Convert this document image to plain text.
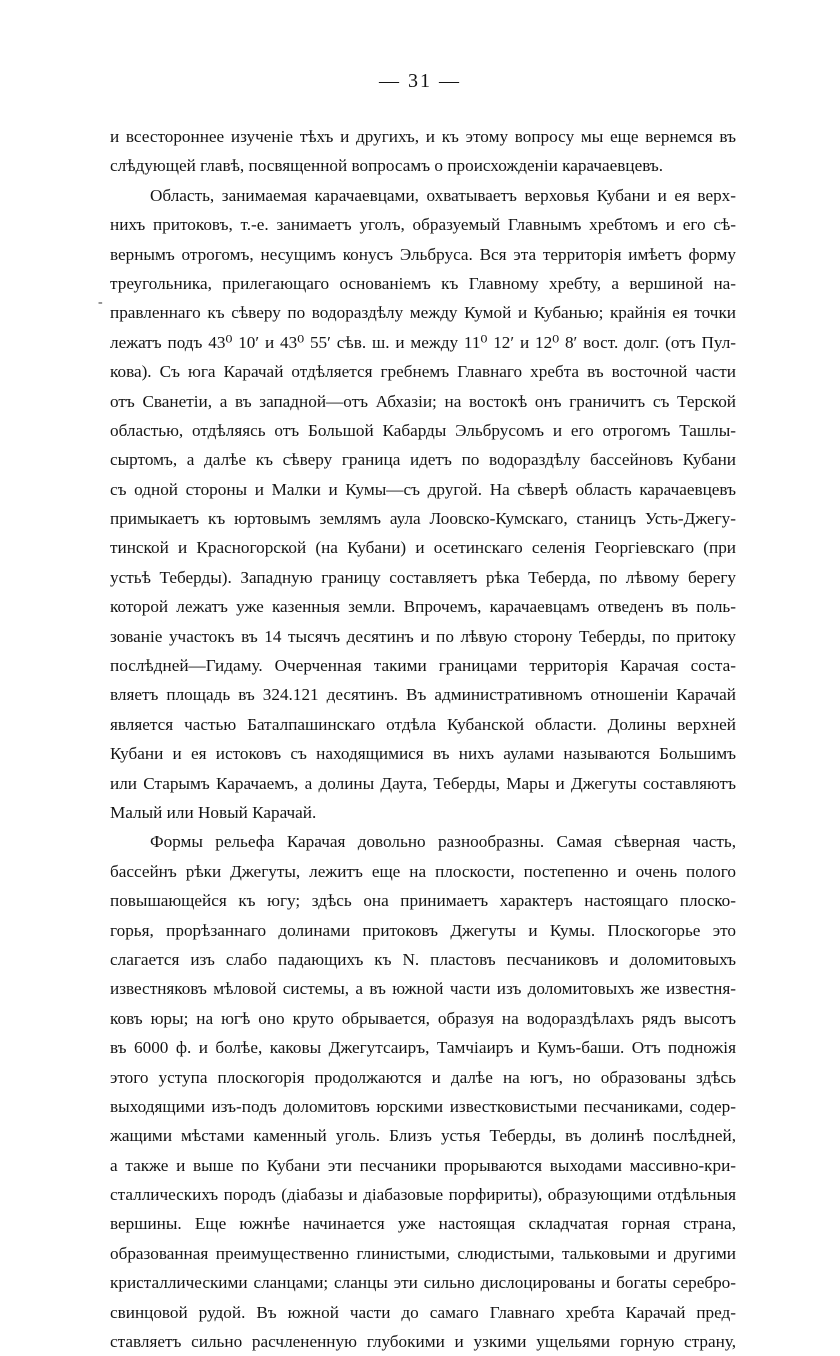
— 31 —
-
и всестороннее изученіе тѣхъ и другихъ, и къ этому вопросу мы еще вернемся въ
слѣдующей главѣ, посвященной вопросамъ о происхожденіи карачаевцевъ.
Область, занимаемая карачаевцами, охватываетъ верховья Кубани и ея верх-
нихъ притоковъ, т.-е. занимаетъ уголъ, образуемый Главнымъ хребтомъ и его сѣ-
вернымъ отрогомъ, несущимъ конусъ Эльбруса. Вся эта территорія имѣетъ форму
треугольника, прилегающаго основаніемъ къ Главному хребту, а вершиной на-
правленнаго къ сѣверу по водораздѣлу между Кумой и Кубанью; крайнія ея точки
лежатъ подъ 43⁰ 10′ и 43⁰ 55′ сѣв. ш. и между 11⁰ 12′ и 12⁰ 8′ вост. долг. (отъ Пул-
кова). Съ юга Карачай отдѣляется гребнемъ Главнаго хребта въ восточной части
отъ Сванетіи, а въ западной—отъ Абхазіи; на востокѣ онъ граничитъ съ Терской
областью, отдѣляясь отъ Большой Кабарды Эльбрусомъ и его отрогомъ Ташлы-
сыртомъ, а далѣе къ сѣверу граница идетъ по водораздѣлу бассейновъ Кубани
съ одной стороны и Малки и Кумы—съ другой. На сѣверѣ область карачаевцевъ
примыкаетъ къ юртовымъ землямъ аула Лоовско-Кумскаго, станицъ Усть-Джегу-
тинской и Красногорской (на Кубани) и осетинскаго селенія Георгіевскаго (при
устьѣ Теберды). Западную границу составляетъ рѣка Теберда, по лѣвому берегу
которой лежатъ уже казенныя земли. Впрочемъ, карачаевцамъ отведенъ въ поль-
зованіе участокъ въ 14 тысячъ десятинъ и по лѣвую сторону Теберды, по притоку
послѣдней—Гидаму. Очерченная такими границами территорія Карачая соста-
вляетъ площадь въ 324.121 десятинъ. Въ административномъ отношеніи Карачай
является частью Баталпашинскаго отдѣла Кубанской области. Долины верхней
Кубани и ея истоковъ съ находящимися въ нихъ аулами называются Большимъ
или Старымъ Карачаемъ, а долины Даута, Теберды, Мары и Джегуты составляютъ
Малый или Новый Карачай.
Формы рельефа Карачая довольно разнообразны. Самая сѣверная часть,
бассейнъ рѣки Джегуты, лежитъ еще на плоскости, постепенно и очень полого
повышающейся къ югу; здѣсь она принимаетъ характеръ настоящаго плоско-
горья, прорѣзаннаго долинами притоковъ Джегуты и Кумы. Плоскогорье это
слагается изъ слабо падающихъ къ N. пластовъ песчаниковъ и доломитовыхъ
известняковъ мѣловой системы, а въ южной части изъ доломитовыхъ же известня-
ковъ юры; на югѣ оно круто обрывается, образуя на водораздѣлахъ рядъ высотъ
въ 6000 ф. и болѣе, каковы Джегутсаиръ, Тамчіаиръ и Кумъ-баши. Отъ подножія
этого уступа плоскогорія продолжаются и далѣе на югъ, но образованы здѣсь
выходящими изъ-подъ доломитовъ юрскими известковистыми песчаниками, содер-
жащими мѣстами каменный уголь. Близъ устья Теберды, въ долинѣ послѣдней,
а также и выше по Кубани эти песчаники прорываются выходами массивно-кри-
сталлическихъ породъ (діабазы и діабазовые порфириты), образующими отдѣльныя
вершины. Еще южнѣе начинается уже настоящая складчатая горная страна,
образованная преимущественно глинистыми, слюдистыми, тальковыми и другими
кристаллическими сланцами; сланцы эти сильно дислоцированы и богаты серебро-
свинцовой рудой. Въ южной части до самаго Главнаго хребта Карачай пред-
ставляетъ сильно расчлененную глубокими и узкими ущельями горную страну,
